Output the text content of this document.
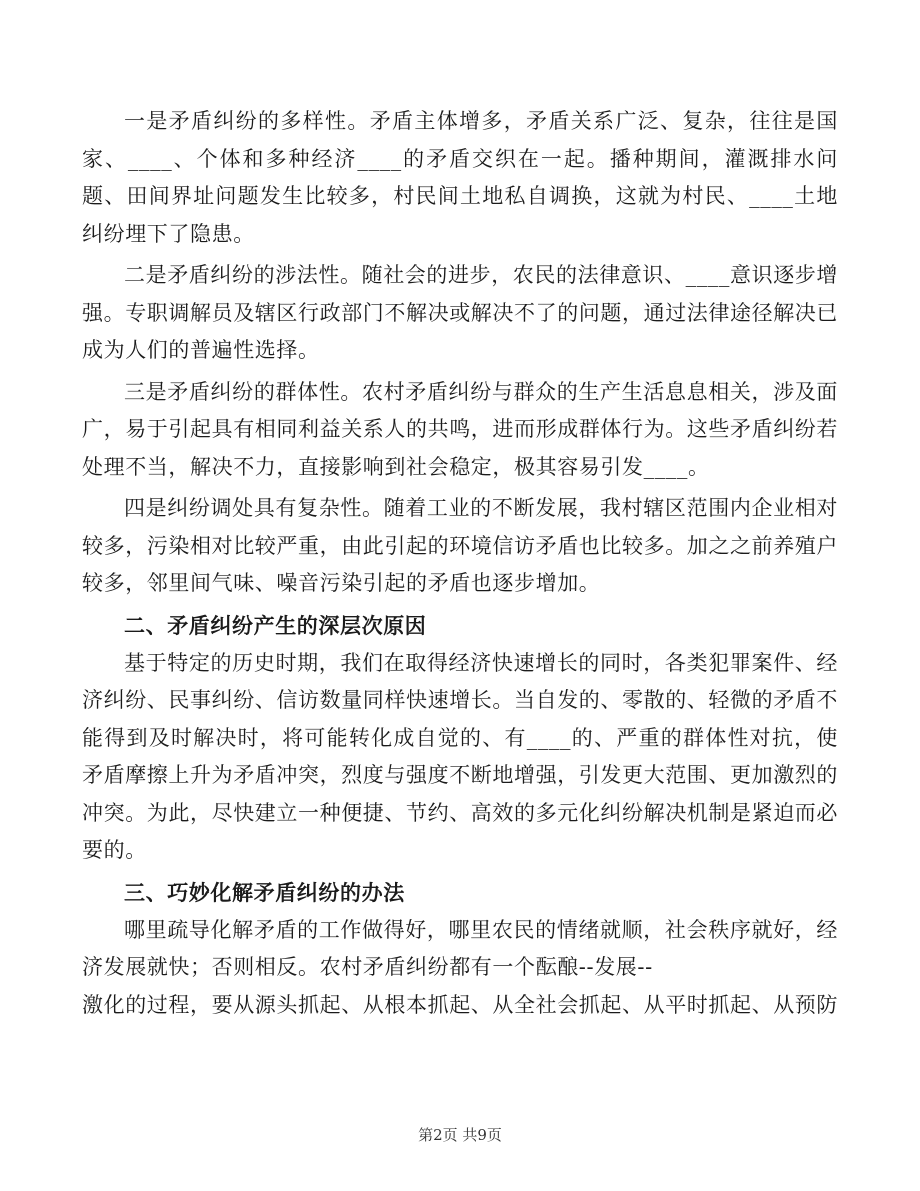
一是矛盾纠纷的多样性。矛盾主体增多，矛盾关系广泛、复杂，往往是国家、____、个体和多种经济____的矛盾交织在一起。播种期间，灌溉排水问题、田间界址问题发生比较多，村民间土地私自调换，这就为村民、____土地纠纷埋下了隐患。

二是矛盾纠纷的涉法性。随社会的进步，农民的法律意识、____意识逐步增强。专职调解员及辖区行政部门不解决或解决不了的问题，通过法律途径解决已成为人们的普遍性选择。

三是矛盾纠纷的群体性。农村矛盾纠纷与群众的生产生活息息相关，涉及面广，易于引起具有相同利益关系人的共鸣，进而形成群体行为。这些矛盾纠纷若处理不当，解决不力，直接影响到社会稳定，极其容易引发____。

四是纠纷调处具有复杂性。随着工业的不断发展，我村辖区范围内企业相对较多，污染相对比较严重，由此引起的环境信访矛盾也比较多。加之之前养殖户较多，邻里间气味、噪音污染引起的矛盾也逐步增加。

二、矛盾纠纷产生的深层次原因

基于特定的历史时期，我们在取得经济快速增长的同时，各类犯罪案件、经济纠纷、民事纠纷、信访数量同样快速增长。当自发的、零散的、轻微的矛盾不能得到及时解决时，将可能转化成自觉的、有____的、严重的群体性对抗，使矛盾摩擦上升为矛盾冲突，烈度与强度不断地增强，引发更大范围、更加激烈的冲突。为此，尽快建立一种便捷、节约、高效的多元化纠纷解决机制是紧迫而必要的。

三、巧妙化解矛盾纠纷的办法

哪里疏导化解矛盾的工作做得好，哪里农民的情绪就顺，社会秩序就好，经济发展就快；否则相反。农村矛盾纠纷都有一个酝酿--发展--

激化的过程，要从源头抓起、从根本抓起、从全社会抓起、从平时抓起、从预防

第2页 共9页
